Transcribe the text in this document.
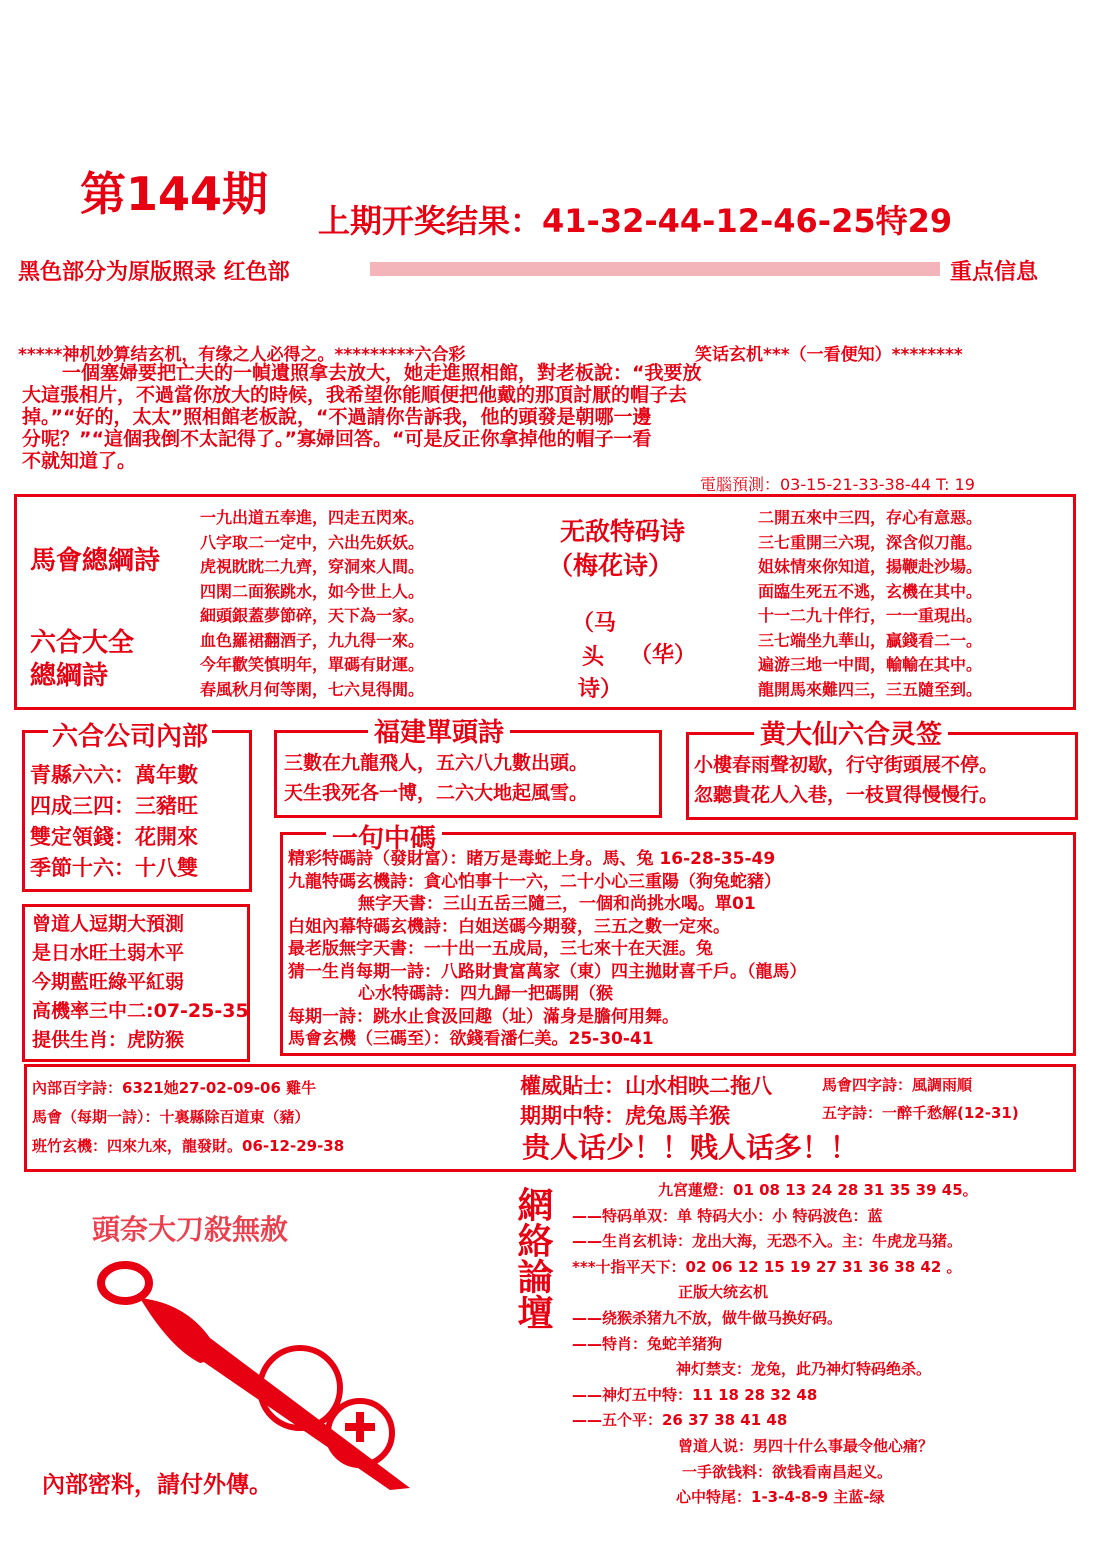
第144期 上期开奖结果：41-32-44-12-46-25特29
黑色部分为原版照录 红色部	重点信息
*****神机妙算结玄机，有缘之人必得之。*********六合彩	笑话玄机***（一看便知）********
一個塞婦要把亡夫的一幀遺照拿去放大，她走進照相館，對老板說：“我要放
大這張相片，不過當你放大的時候，我希望你能順便把他戴的那頂討厭的帽子去
掉。”“好的，太太”照相館老板說，“不過請你告訴我，他的頭發是朝哪一邊
分呢？”“這個我倒不太記得了。”寡婦回答。“可是反正你拿掉他的帽子一看
不就知道了。
電腦預測：03-15-21-33-38-44 T: 19
馬會總綱詩
六合大全
總綱詩
一九出道五奉進，四走五閃來。
八字取二一定中，六出先妖妖。
虎視眈眈二九齊，穿洞來人間。
四閑二面猴跳水，如今世上人。
細頭銀蓋夢節碎，天下為一家。
血色羅裙翻酒子，九九得一來。
今年歡笑慎明年，單碼有財運。
春風秋月何等閑，七六見得閒。
无敌特码诗
（梅花诗）
（马
头
诗）
（华）
二開五來中三四，存心有意惡。
三七重開三六現，深含似刀龍。
姐妹情來你知道，揚鞭赴沙場。
面臨生死五不逃，玄機在其中。
十一二九十伴行，一一重現出。
三七端坐九華山，贏錢看二一。
遍游三地一中間，輸輸在其中。
龍開馬來難四三，三五隨至到。
六合公司內部
青縣六六：萬年數
四成三四：三豬旺
雙定領錢：花開來
季節十六：十八雙
福建單頭詩
三數在九龍飛人，五六八九數出頭。
天生我死各一博，二六大地起風雪。
黄大仙六合灵签
小樓春雨聲初歇，行守街頭展不停。
忽聽貴花人入巷，一枝買得慢慢行。
曾道人逗期大預測
是日水旺土弱木平
今期藍旺綠平紅弱
高機率三中二:07-25-35
提供生肖：虎防猴
一句中碼
精彩特碼詩（發財富）：睹万是毒蛇上身。馬、兔 16-28-35-49
九龍特碼玄機詩：貪心怕事十一六，二十小心三重陽（狗兔蛇豬）
無字天書：三山五岳三隨三，一個和尚挑水喝。單01
白姐內幕特碼玄機詩：白姐送碼今期發，三五之數一定來。
最老版無字天書：一十出一五成局，三七來十在天涯。兔
猜一生肖每期一詩：八路財貴富萬家（東）四主拋財喜千戶。（龍馬）
心水特碼詩：四九歸一把碼開（猴
每期一詩：跳水止食汲回趣（址）滿身是膽何用舞。
馬會玄機（三碼至）：欲錢看潘仁美。25-30-41
內部百字詩：6321她27-02-09-06 雞牛
馬會（每期一詩）：十裏縣除百道東（豬）
班竹玄機：四來九來，龍發財。06-12-29-38
權威貼士：山水相映二拖八
期期中特：虎兔馬羊猴
馬會四字詩：風調雨順
五字詩：一醉千愁解(12-31)
贵人话少！！贱人话多！！
頭奈大刀殺無赦
內部密料，請付外傳。
網絡論壇	九宮蓮燈：01 08 13 24 28 31 35 39 45。
——特码单双：单 特码大小：小 特码波色：蓝
——生肖玄机诗：龙出大海，无恐不入。主：牛虎龙马猪。
***十指平天下：02 06 12 15 19 27 31 36 38 42 。
正版大统玄机
——绕猴杀猪九不放，做牛做马换好码。
——特肖：兔蛇羊猪狗
神灯禁支：龙兔，此乃神灯特码绝杀。
——神灯五中特：11 18 28 32 48
——五个平：26 37 38 41 48
曾道人说：男四十什么事最令他心痛？
一手欲钱料：欲钱看南昌起义。
心中特尾：1-3-4-8-9 主蓝-绿
